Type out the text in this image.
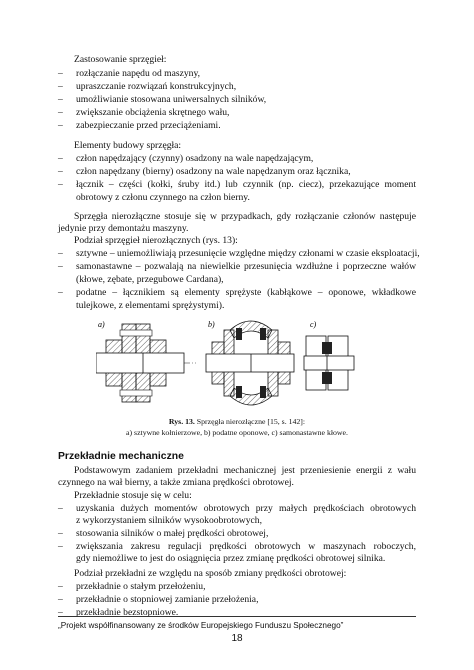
Zastosowanie sprzęgieł:
– rozłączanie napędu od maszyny,
– upraszczanie rozwiązań konstrukcyjnych,
– umożliwianie stosowana uniwersalnych silników,
– zwiększanie obciążenia skrętnego wału,
– zabezpieczanie przed przeciążeniami.
Elementy budowy sprzęgła:
– człon napędzający (czynny) osadzony na wale napędzającym,
– człon napędzany (bierny) osadzony na wale napędzanym oraz łącznika,
– łącznik – części (kołki, śruby itd.) lub czynnik (np. ciecz), przekazujące moment
obrotowy z członu czynnego na człon bierny.
Sprzęgła nierozłączne stosuje się w przypadkach, gdy rozłączanie członów następuje
jedynie przy demontażu maszyny.
Podział sprzęgieł nierozłącznych (rys. 13):
– sztywne – uniemożliwiają przesunięcie względne między członami w czasie eksploatacji,
– samonastawne – pozwalają na niewielkie przesunięcia wzdłużne i poprzeczne wałów
(kłowe, zębate, przegubowe Cardana),
– podatne – łącznikiem są elementy sprężyste (kabłąkowe – oponowe, wkładkowe
tulejkowe, z elementami sprężystymi).
a)	b)	c)
Rys. 13. Sprzęgła nierozłączne [15, s. 142]:
a) sztywne kołnierzowe, b) podatne oponowe, c) samonastawne kłowe.
Przekładnie mechaniczne
Podstawowym zadaniem przekładni mechanicznej jest przeniesienie energii z wału
czynnego na wał bierny, a także zmiana prędkości obrotowej.
Przekładnie stosuje się w celu:
– uzyskania dużych momentów obrotowych przy małych prędkościach obrotowych
z wykorzystaniem silników wysokoobrotowych,
– stosowania silników o małej prędkości obrotowej,
– zwiększania zakresu regulacji prędkości obrotowych w maszynach roboczych,
gdy niemożliwe to jest do osiągnięcia przez zmianę prędkości obrotowej silnika.
Podział przekładni ze względu na sposób zmiany prędkości obrotowej:
– przekładnie o stałym przełożeniu,
– przekładnie o stopniowej zamianie przełożenia,
– przekładnie bezstopniowe.
„Projekt współfinansowany ze środków Europejskiego Funduszu Społecznego”
18
